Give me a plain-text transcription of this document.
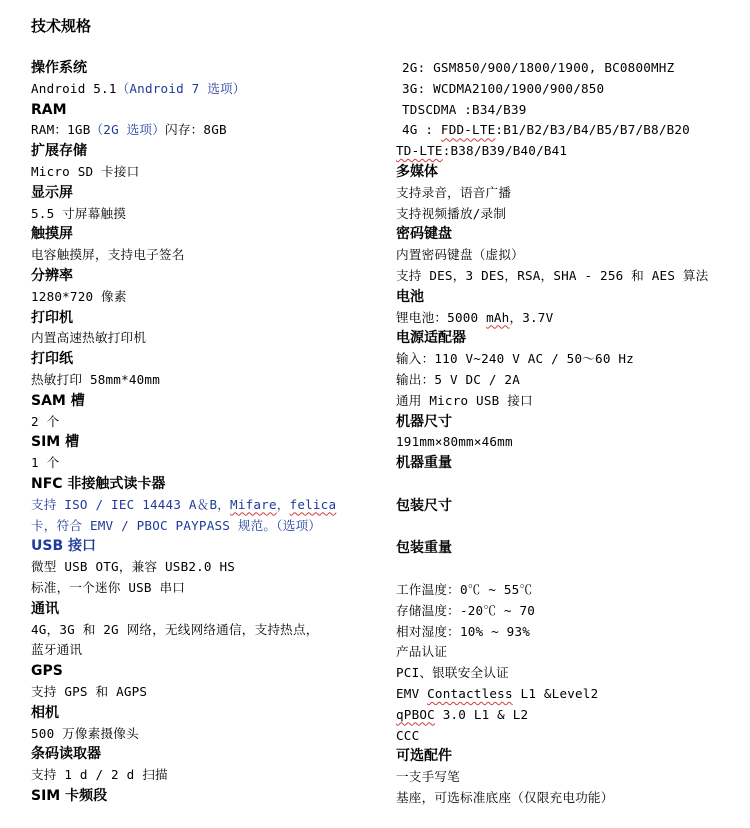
技术规格
操作系统
Android 5.1（Android 7 选项）
RAM
RAM：1GB（2G 选项）闪存：8GB
扩展存储
Micro SD 卡接口
显示屏
5.5 寸屏幕触摸
触摸屏
电容触摸屏，支持电子签名
分辨率
1280*720 像素
打印机
内置高速热敏打印机
打印纸
热敏打印 58mm*40mm
SAM 槽
2 个
SIM 槽
1 个
NFC 非接触式读卡器
支持 ISO / IEC 14443 A＆B，Mifare，felica
卡，符合 EMV / PBOC PAYPASS 规范。（选项）
USB 接口
微型 USB OTG，兼容 USB2.0 HS
标准，一个迷你 USB 串口
通讯
4G，3G 和 2G 网络，无线网络通信，支持热点，
蓝牙通讯
GPS
支持 GPS 和 AGPS
相机
500 万像素摄像头
条码读取器
支持 1 d / 2 d 扫描
SIM 卡频段
2G: GSM850/900/1800/1900, BC0800MHZ
3G: WCDMA2100/1900/900/850
TDSCDMA :B34/B39
4G : FDD-LTE:B1/B2/B3/B4/B5/B7/B8/B20
TD-LTE:B38/B39/B40/B41
多媒体
支持录音，语音广播
支持视频播放/录制
密码键盘
内置密码键盘（虚拟）
支持 DES，3 DES，RSA，SHA - 256 和 AES 算法
电池
锂电池：5000 mAh，3.7V
电源适配器
输入：110 V~240 V AC / 50～60 Hz
输出：5 V DC / 2A
通用 Micro USB 接口
机器尺寸
191mm×80mm×46mm
机器重量
包装尺寸
包装重量
工作温度：0℃ ~ 55℃
存储温度：-20℃ ~ 70
相对湿度：10% ~ 93%
产品认证
PCI、银联安全认证
EMV Contactless L1 &Level2
qPBOC 3.0 L1 & L2
CCC
可选配件
一支手写笔
基座，可选标准底座（仅限充电功能）
